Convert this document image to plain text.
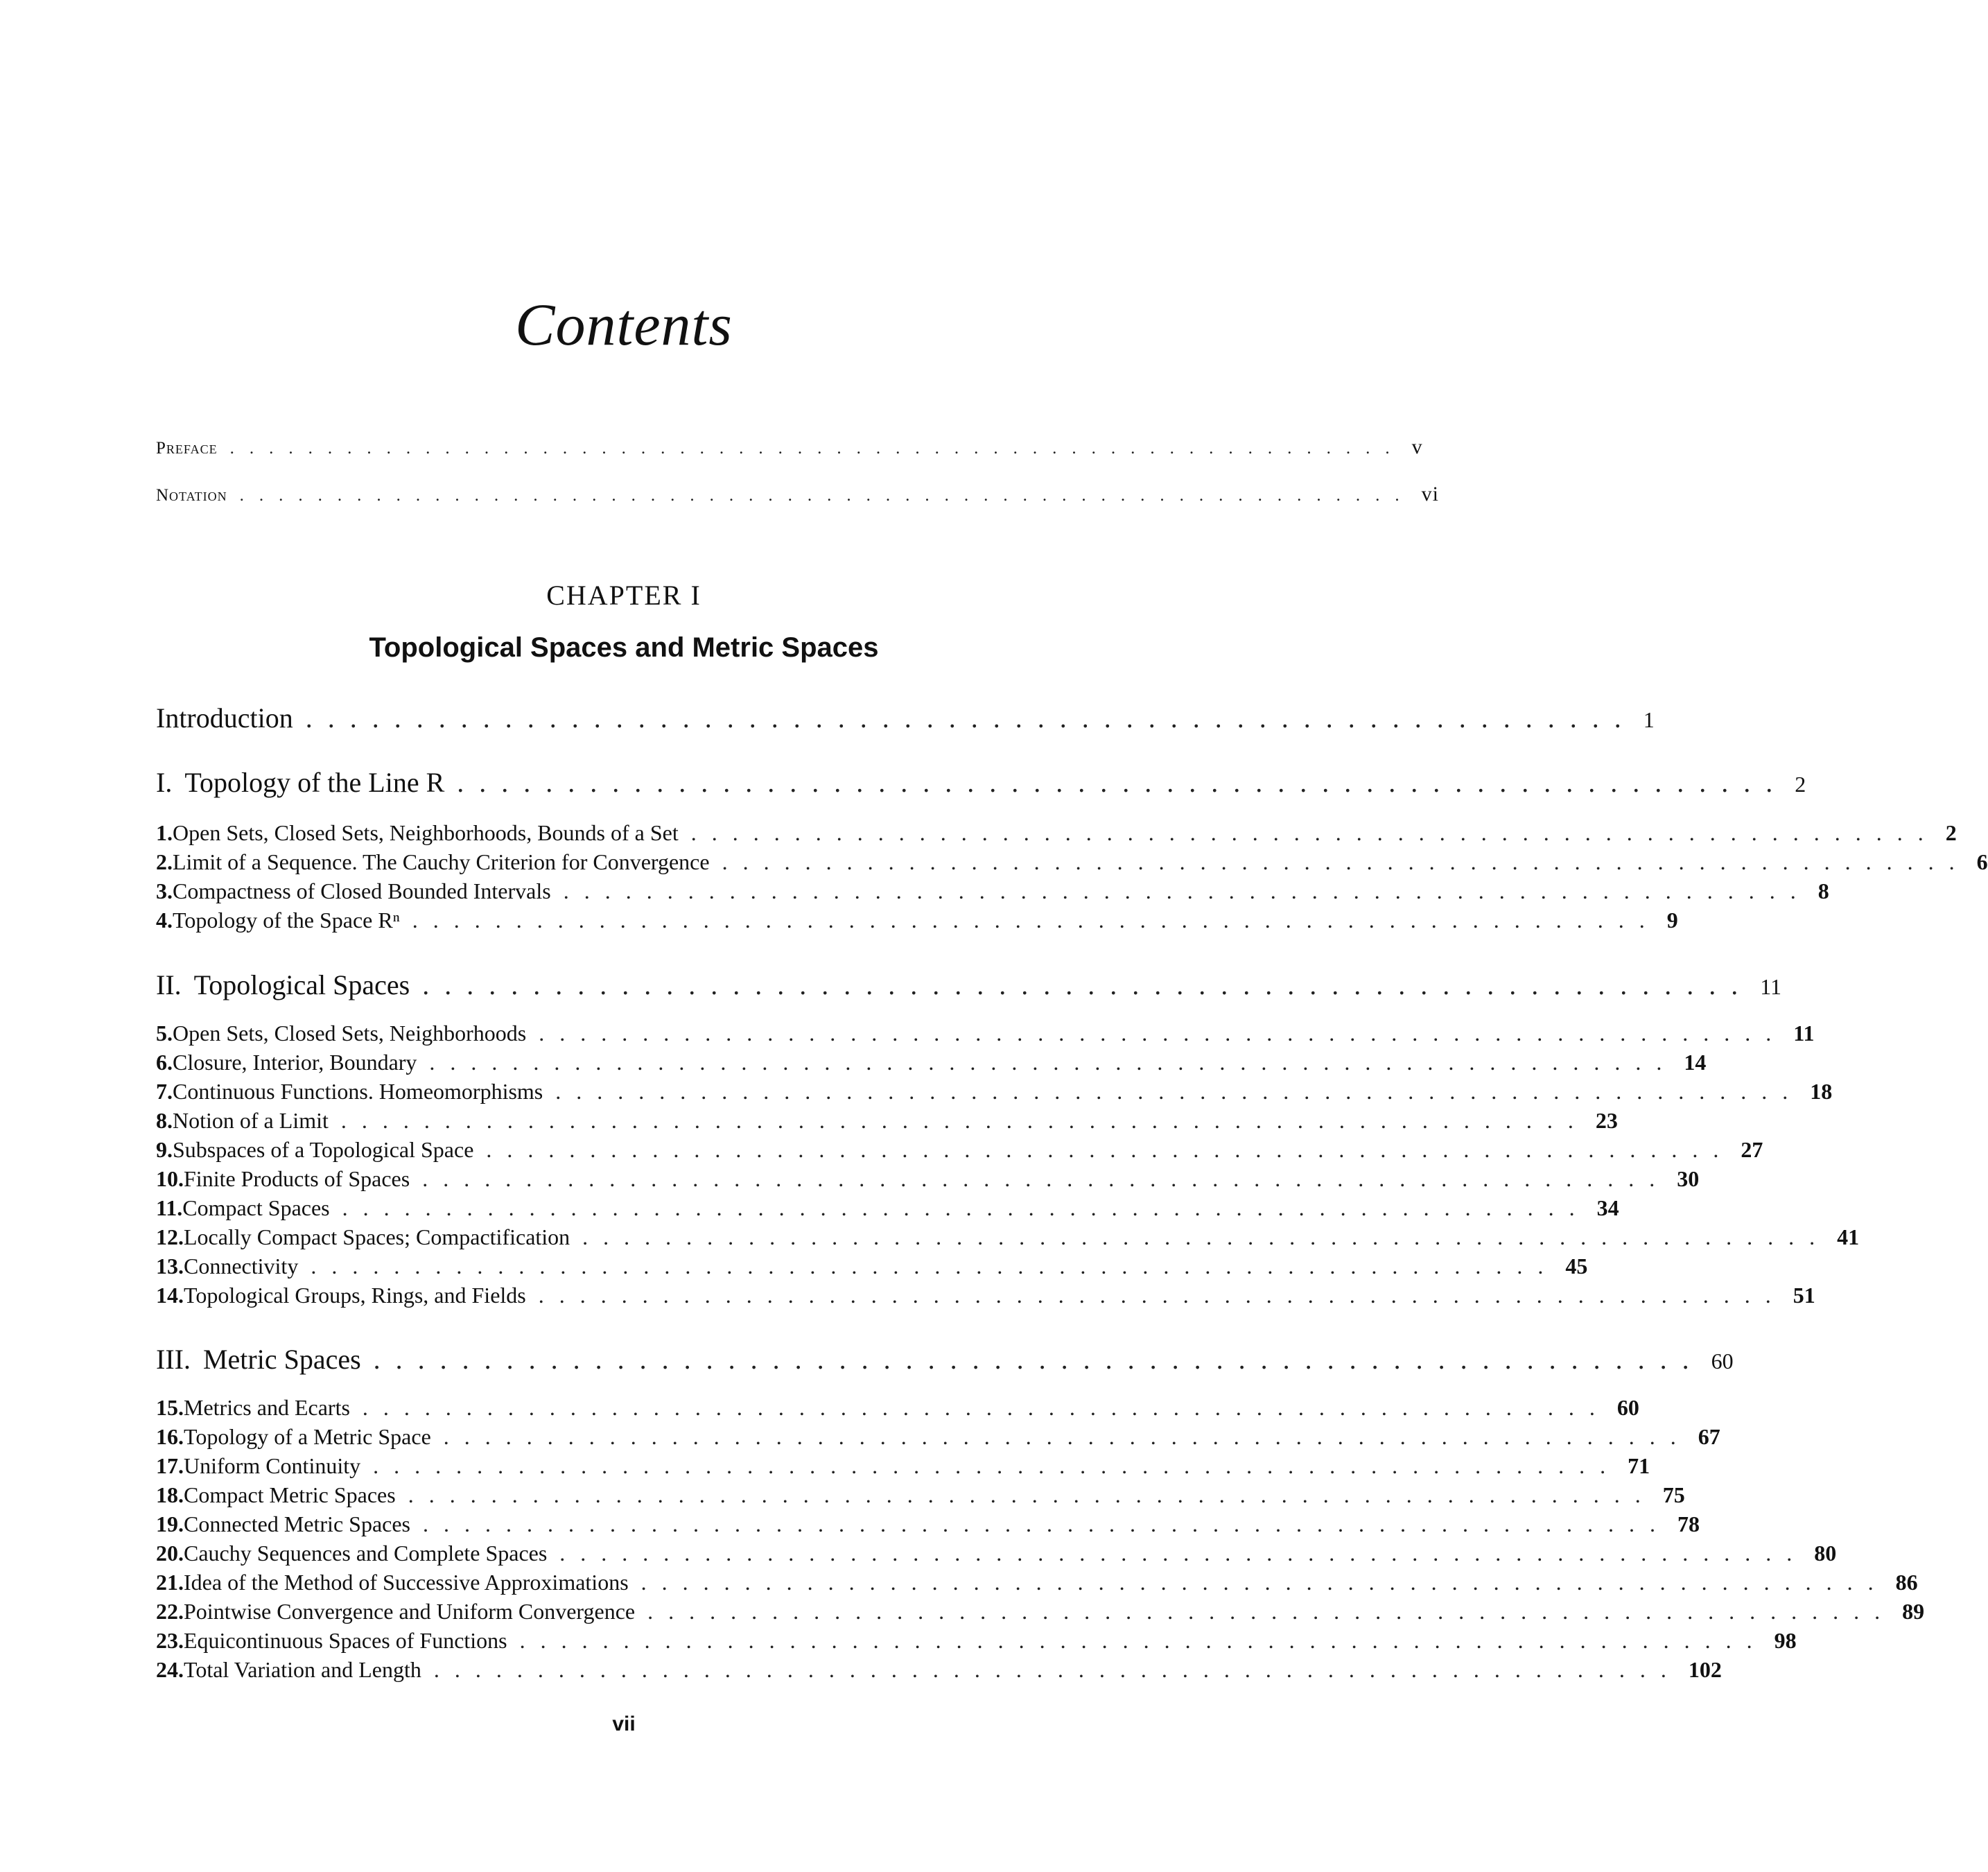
Contents
Preface ............................................................ v
Notation ............................................................ vi
CHAPTER I
Topological Spaces and Metric Spaces
Introduction ............................................................ 1
I. Topology of the Line R ............................................................ 2
1. Open Sets, Closed Sets, Neighborhoods, Bounds of a Set ............................................................ 2
2. Limit of a Sequence. The Cauchy Criterion for Convergence ............................................................ 6
3. Compactness of Closed Bounded Intervals ............................................................ 8
4. Topology of the Space Rⁿ ............................................................ 9
II. Topological Spaces ............................................................ 11
5. Open Sets, Closed Sets, Neighborhoods ............................................................ 11
6. Closure, Interior, Boundary ............................................................ 14
7. Continuous Functions. Homeomorphisms ............................................................ 18
8. Notion of a Limit ............................................................ 23
9. Subspaces of a Topological Space ............................................................ 27
10. Finite Products of Spaces ............................................................ 30
11. Compact Spaces ............................................................ 34
12. Locally Compact Spaces; Compactification ............................................................ 41
13. Connectivity ............................................................ 45
14. Topological Groups, Rings, and Fields ............................................................ 51
III. Metric Spaces ............................................................ 60
15. Metrics and Ecarts ............................................................ 60
16. Topology of a Metric Space ............................................................ 67
17. Uniform Continuity ............................................................ 71
18. Compact Metric Spaces ............................................................ 75
19. Connected Metric Spaces ............................................................ 78
20. Cauchy Sequences and Complete Spaces ............................................................ 80
21. Idea of the Method of Successive Approximations ............................................................ 86
22. Pointwise Convergence and Uniform Convergence ............................................................ 89
23. Equicontinuous Spaces of Functions ............................................................ 98
24. Total Variation and Length ............................................................ 102
vii
